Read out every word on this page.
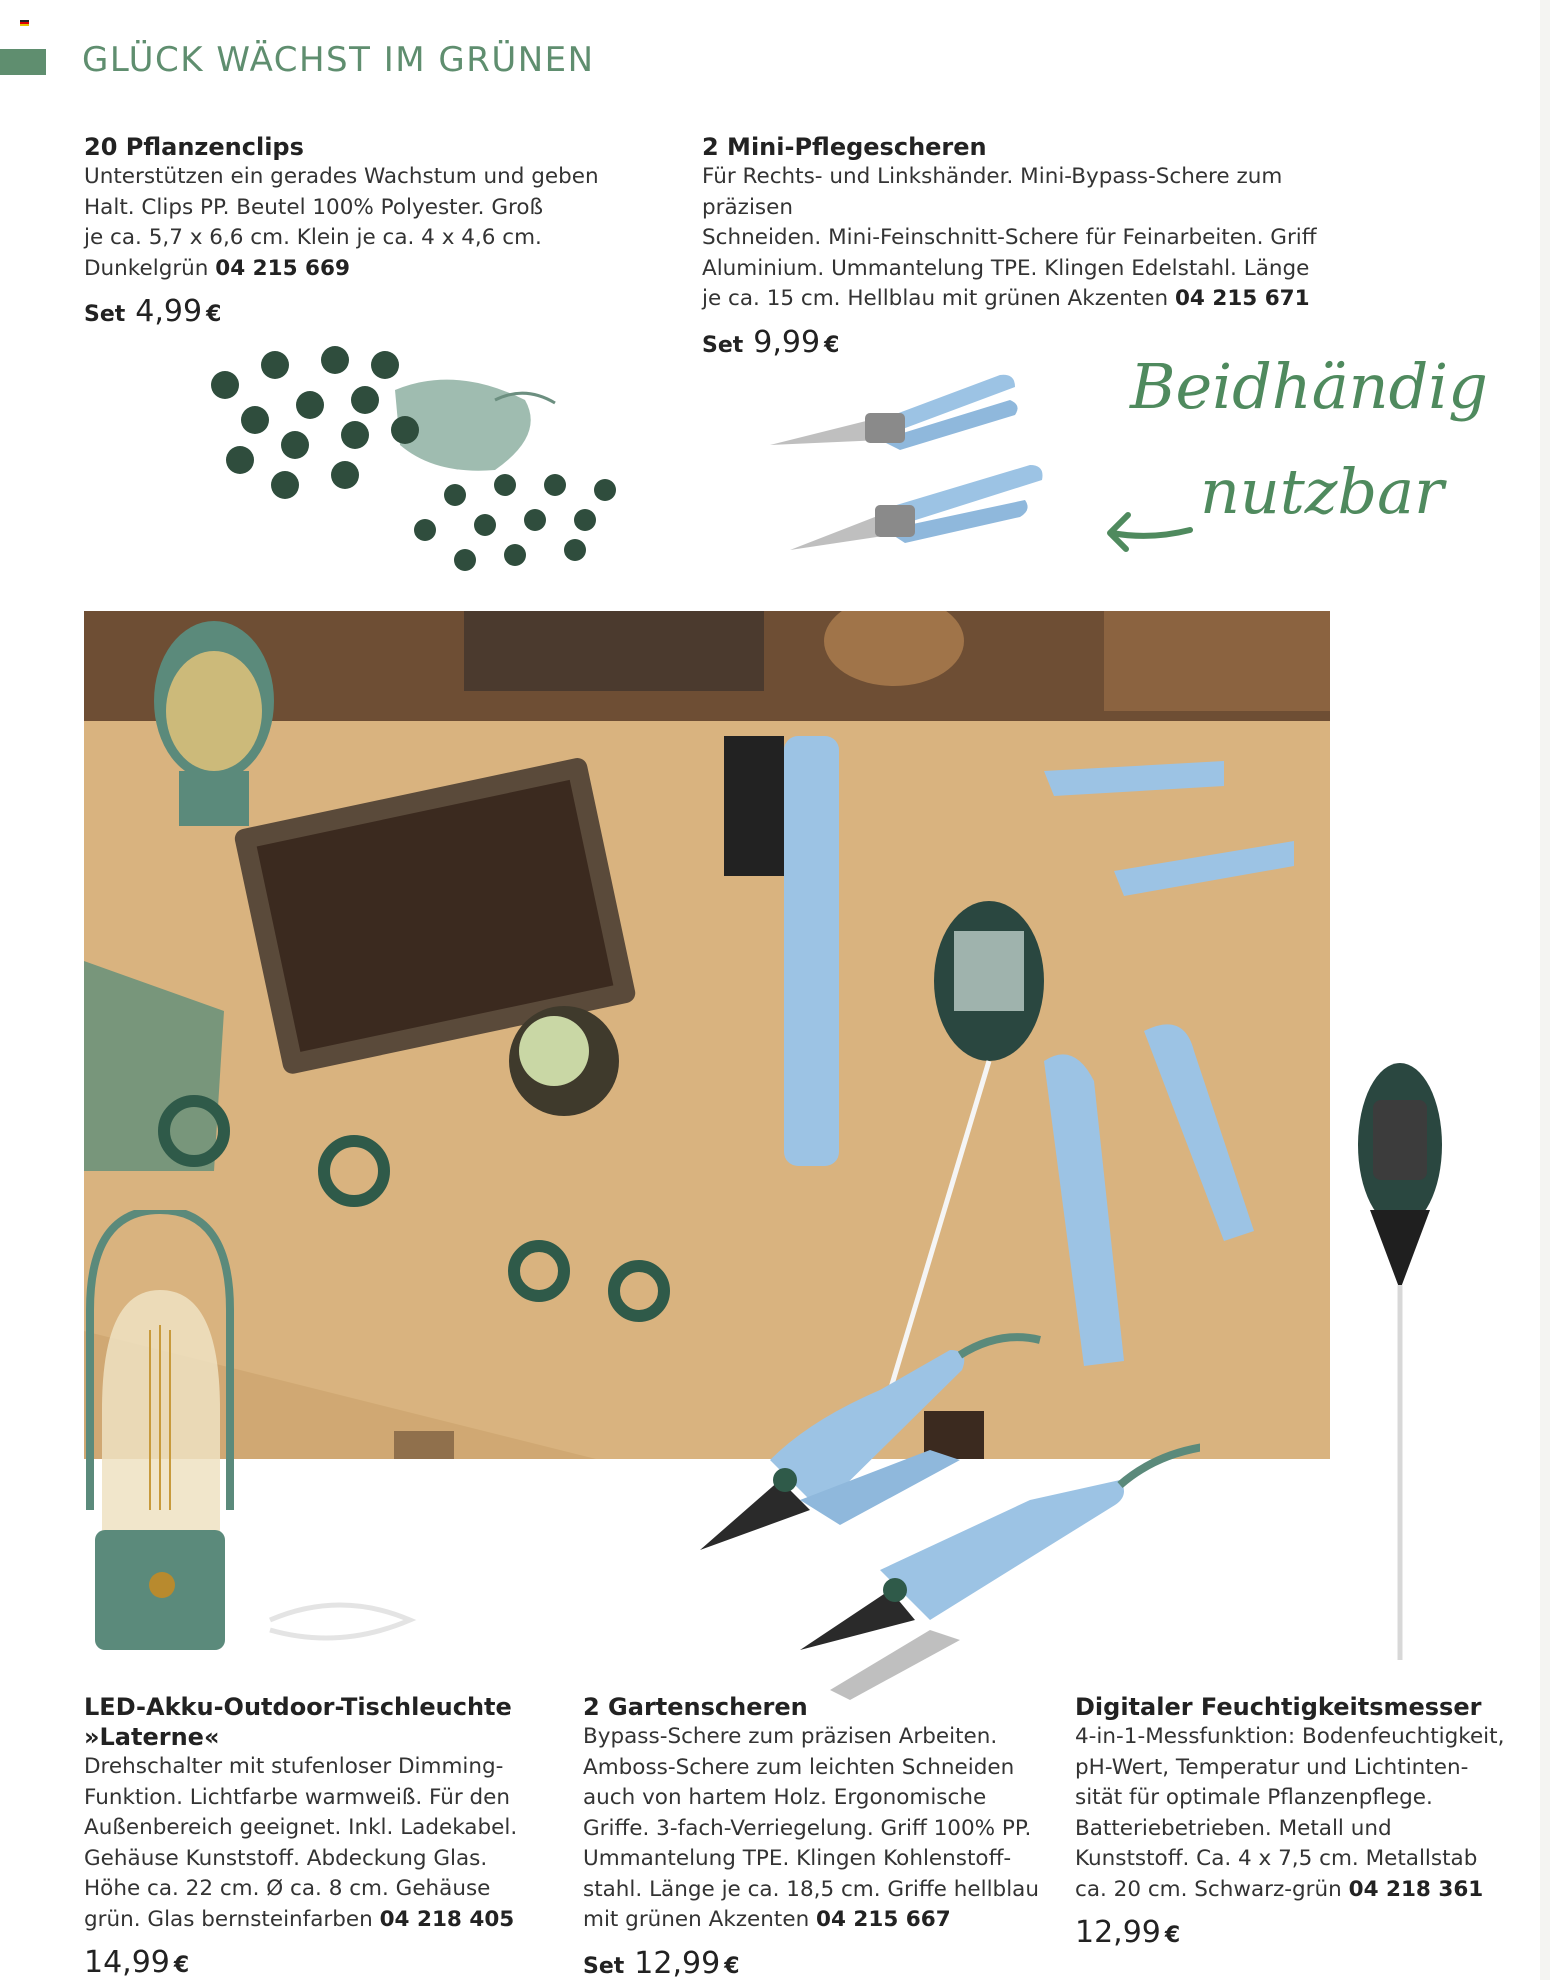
GLÜCK WÄCHST IM GRÜNEN
20 Pflanzenclips
Unterstützen ein gerades Wachstum und geben
Halt. Clips PP. Beutel 100% Polyester. Groß
je ca. 5,7 x 6,6 cm. Klein je ca. 4 x 4,6 cm.
Dunkelgrün 04 215 669
Set 4,99 €
2 Mini-Pflegescheren
Für Rechts- und Linkshänder. Mini-Bypass-Schere zum präzisen
Schneiden. Mini-Feinschnitt-Schere für Feinarbeiten. Griff
Aluminium. Ummantelung TPE. Klingen Edelstahl. Länge
je ca. 15 cm. Hellblau mit grünen Akzenten 04 215 671
Set 9,99 €
Beidhändig
nutzbar
LED-Akku-Outdoor-Tischleuchte
»Laterne«
Drehschalter mit stufenloser Dimming-
Funktion. Lichtfarbe warmweiß. Für den
Außenbereich geeignet. Inkl. Ladekabel.
Gehäuse Kunststoff. Abdeckung Glas.
Höhe ca. 22 cm. Ø ca. 8 cm. Gehäuse
grün. Glas bernsteinfarben 04 218 405
14,99 €
2 Gartenscheren
Bypass-Schere zum präzisen Arbeiten.
Amboss-Schere zum leichten Schneiden
auch von hartem Holz. Ergonomische
Griffe. 3-fach-Verriegelung. Griff 100% PP.
Ummantelung TPE. Klingen Kohlenstoff-
stahl. Länge je ca. 18,5 cm. Griffe hellblau
mit grünen Akzenten 04 215 667
Set 12,99 €
Digitaler Feuchtigkeitsmesser
4-in-1-Messfunktion: Bodenfeuchtigkeit,
pH-Wert, Temperatur und Lichtinten-
sität für optimale Pflanzenpflege.
Batteriebetrieben. Metall und
Kunststoff. Ca. 4 x 7,5 cm. Metallstab
ca. 20 cm. Schwarz-grün 04 218 361
12,99 €
